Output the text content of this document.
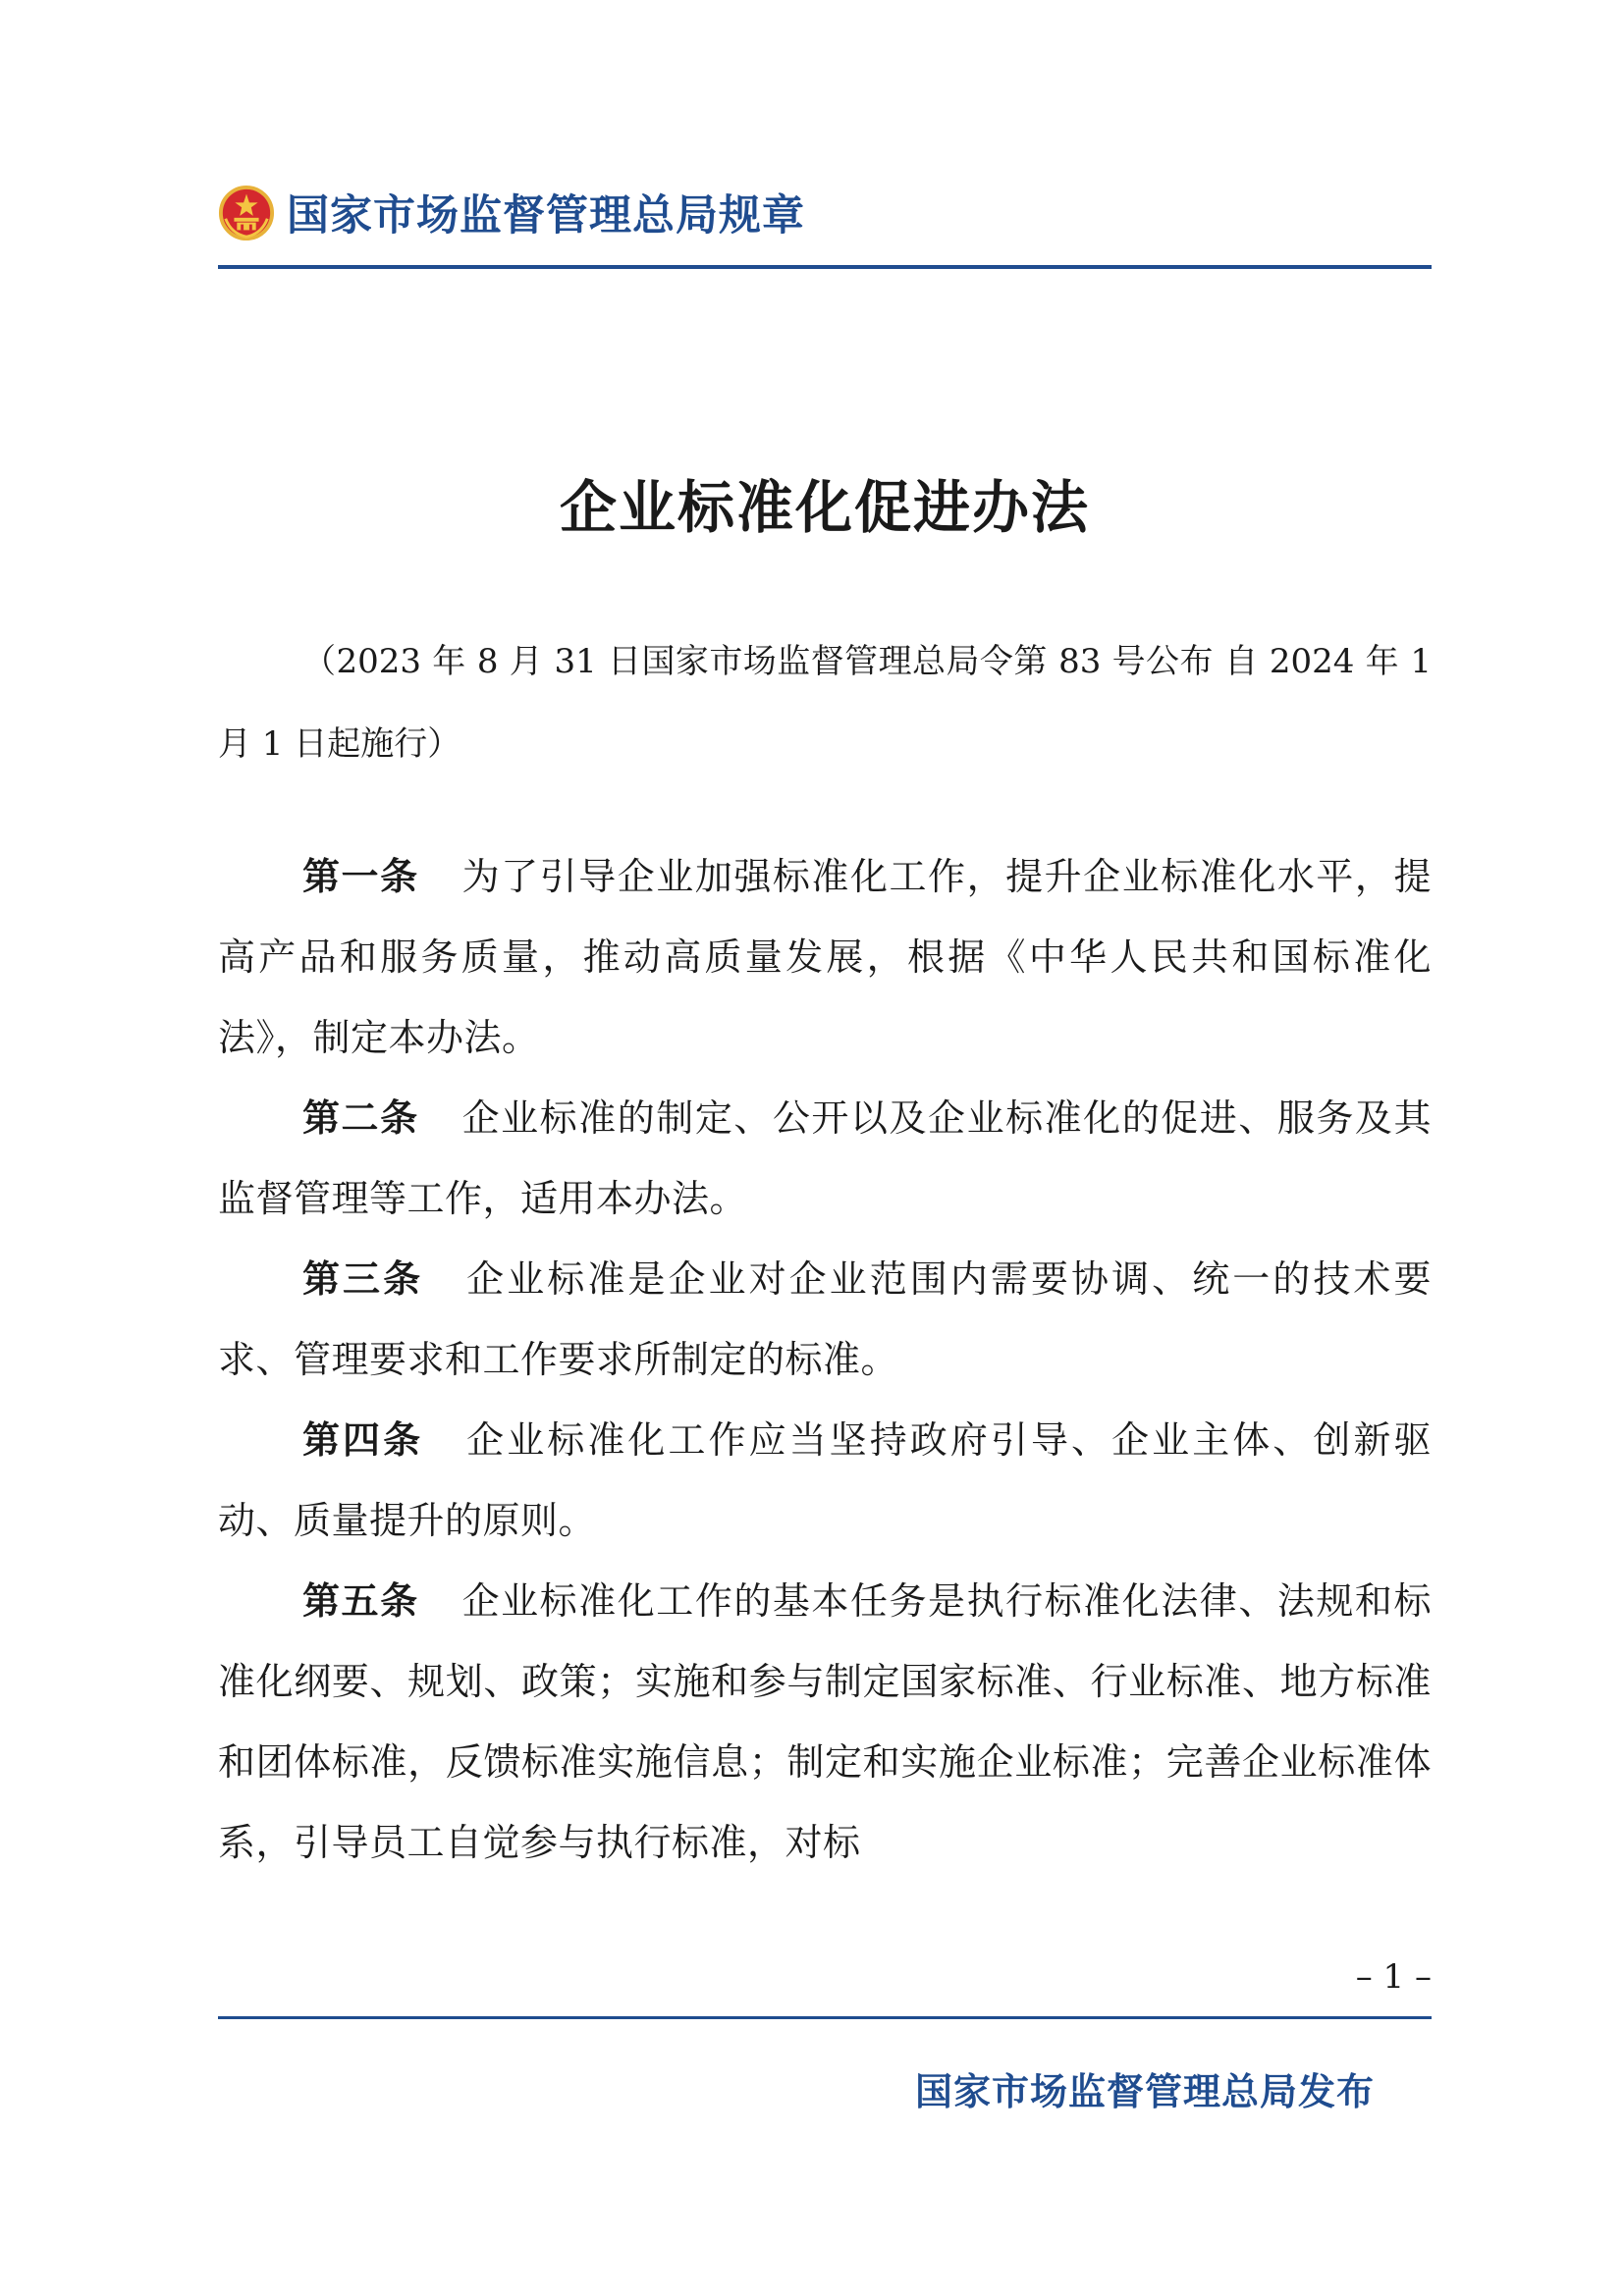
国家市场监督管理总局规章
企业标准化促进办法
（2023 年 8 月 31 日国家市场监督管理总局令第 83 号公布 自 2024 年 1 月 1 日起施行）

第一条 为了引导企业加强标准化工作，提升企业标准化水平，提高产品和服务质量，推动高质量发展，根据《中华人民共和国标准化法》，制定本办法。

第二条 企业标准的制定、公开以及企业标准化的促进、服务及其监督管理等工作，适用本办法。

第三条 企业标准是企业对企业范围内需要协调、统一的技术要求、管理要求和工作要求所制定的标准。

第四条 企业标准化工作应当坚持政府引导、企业主体、创新驱动、质量提升的原则。

第五条 企业标准化工作的基本任务是执行标准化法律、法规和标准化纲要、规划、政策；实施和参与制定国家标准、行业标准、地方标准和团体标准，反馈标准实施信息；制定和实施企业标准；完善企业标准体系，引导员工自觉参与执行标准，对标

– 1 –
国家市场监督管理总局发布
